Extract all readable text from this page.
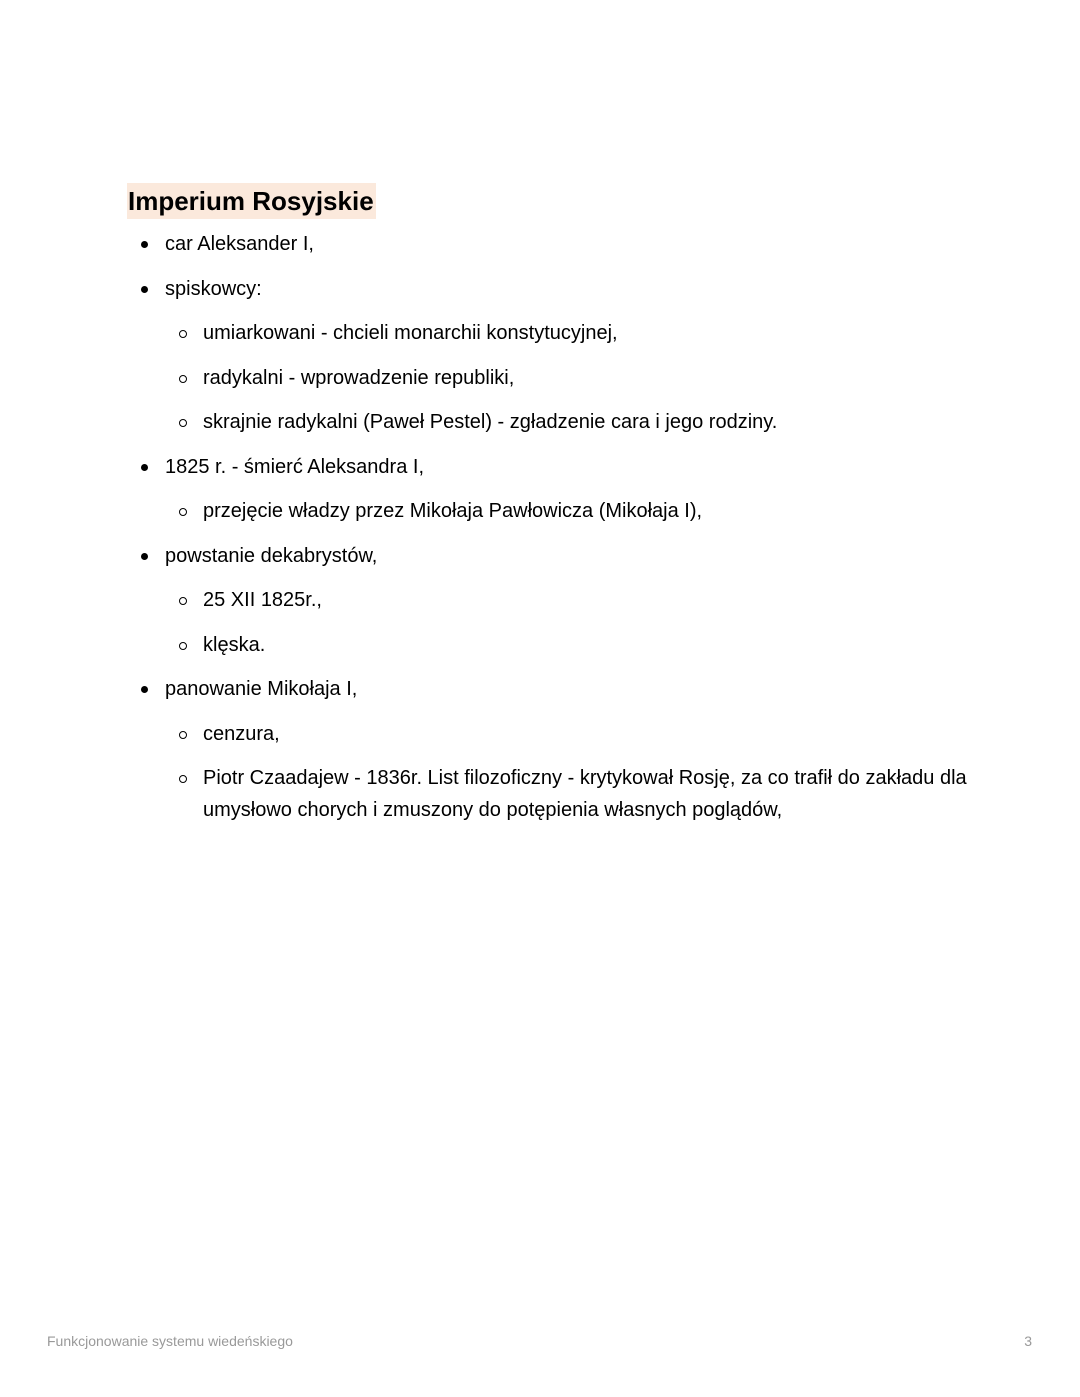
Imperium Rosyjskie
car Aleksander I,
spiskowcy:
umiarkowani - chcieli monarchii konstytucyjnej,
radykalni - wprowadzenie republiki,
skrajnie radykalni (Paweł Pestel) - zgładzenie cara i jego rodziny.
1825 r. - śmierć Aleksandra I,
przejęcie władzy przez Mikołaja Pawłowicza (Mikołaja I),
powstanie dekabrystów,
25 XII 1825r.,
klęska.
panowanie Mikołaja I,
cenzura,
Piotr Czaadajew - 1836r. List filozoficzny - krytykował Rosję, za co trafił do zakładu dla umysłowo chorych i zmuszony do potępienia własnych poglądów,
Funkcjonowanie systemu wiedeńskiego	3
